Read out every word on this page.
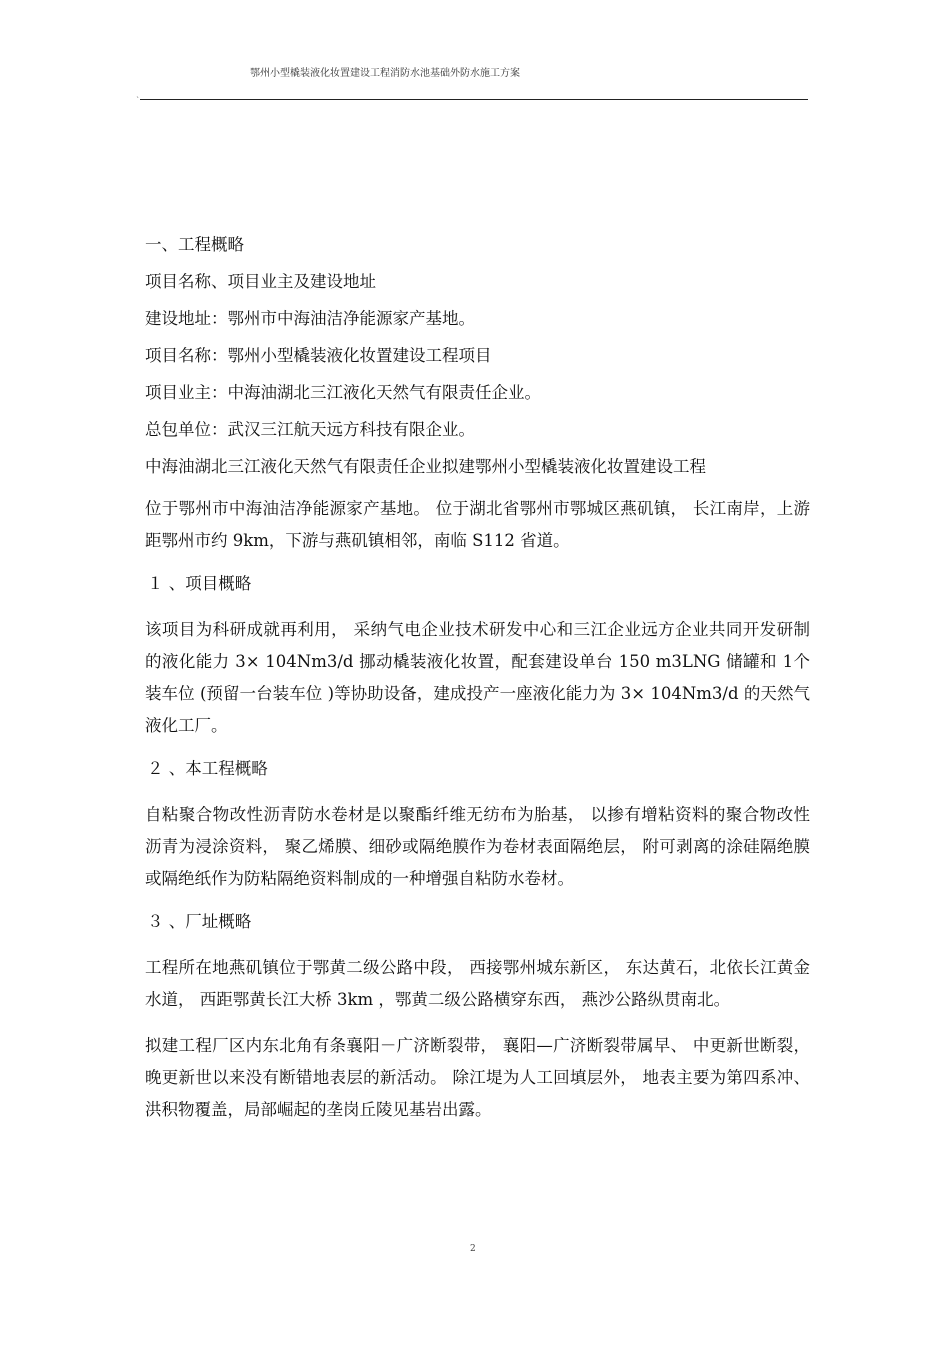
鄂州小型橇装液化妆置建设工程消防水池基础外防水施工方案
`

一、工程概略

项目名称、项目业主及建设地址

建设地址：鄂州市中海油洁净能源家产基地。

项目名称：鄂州小型橇装液化妆置建设工程项目

项目业主：中海油湖北三江液化天然气有限责任企业。

总包单位：武汉三江航天远方科技有限企业。

中海油湖北三江液化天然气有限责任企业拟建鄂州小型橇装液化妆置建设工程

位于鄂州市中海油洁净能源家产基地。 位于湖北省鄂州市鄂城区燕矶镇， 长江南岸，上游距鄂州市约 9km，下游与燕矶镇相邻，南临 S112 省道。

１ 、项目概略

该项目为科研成就再利用， 采纳气电企业技术研发中心和三江企业远方企业共同开发研制的液化能力 3× 104Nm3/d 挪动橇装液化妆置，配套建设单台 150 m3LNG 储罐和 1个装车位 (预留一台装车位 )等协助设备，建成投产一座液化能力为 3× 104Nm3/d 的天然气液化工厂。

２ 、本工程概略

自粘聚合物改性沥青防水卷材是以聚酯纤维无纺布为胎基， 以掺有增粘资料的聚合物改性沥青为浸涂资料， 聚乙烯膜、细砂或隔绝膜作为卷材表面隔绝层， 附可剥离的涂硅隔绝膜或隔绝纸作为防粘隔绝资料制成的一种增强自粘防水卷材。

３ 、厂址概略

工程所在地燕矶镇位于鄂黄二级公路中段， 西接鄂州城东新区， 东达黄石，北依长江黄金水道， 西距鄂黄长江大桥 3km ，鄂黄二级公路横穿东西， 燕沙公路纵贯南北。

拟建工程厂区内东北角有条襄阳－广济断裂带， 襄阳—广济断裂带属早、 中更新世断裂，晚更新世以来没有断错地表层的新活动。 除江堤为人工回填层外， 地表主要为第四系冲、洪积物覆盖，局部崛起的垄岗丘陵见基岩出露。

2
